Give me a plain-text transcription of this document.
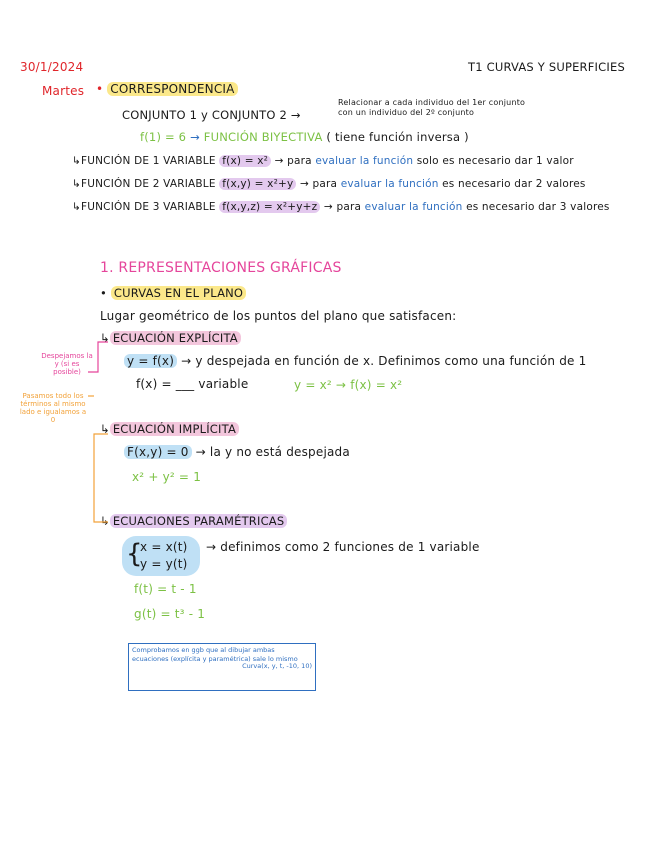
30/1/2024	T1 CURVAS Y SUPERFICIES
Martes • CORRESPONDENCIA
CONJUNTO 1 y CONJUNTO 2 →
Relacionar a cada individuo del 1er conjunto
con un individuo del 2º conjunto
f(1) = 6 → FUNCIÓN BIYECTIVA ( tiene función inversa )
↳FUNCIÓN DE 1 VARIABLE f(x) = x² → para evaluar la función solo es necesario dar 1 valor
↳FUNCIÓN DE 2 VARIABLE f(x,y) = x²+y → para evaluar la función es necesario dar 2 valores
↳FUNCIÓN DE 3 VARIABLE f(x,y,z) = x²+y+z → para evaluar la función es necesario dar 3 valores
1. REPRESENTACIONES GRÁFICAS
• CURVAS EN EL PLANO
Lugar geométrico de los puntos del plano que satisfacen:
↳ ECUACIÓN EXPLÍCITA
y = f(x) → y despejada en función de x. Definimos como una función de 1
f(x) = ___ variable	y = x² → f(x) = x²
↳ ECUACIÓN IMPLÍCITA
F(x,y) = 0 → la y no está despejada
x² + y² = 1
↳ ECUACIONES PARAMÉTRICAS
{
x = x(t)
y = y(t)
→ definimos como 2 funciones de 1 variable
f(t) = t - 1
g(t) = t³ - 1
Despejamos la y (si es posible)
Pasamos todo los términos al mismo lado e igualamos a 0
Comprobamos en ggb que al dibujar ambas ecuaciones (explícita y paramétrica) sale lo mismo
Curva(x, y, t, -10, 10)
